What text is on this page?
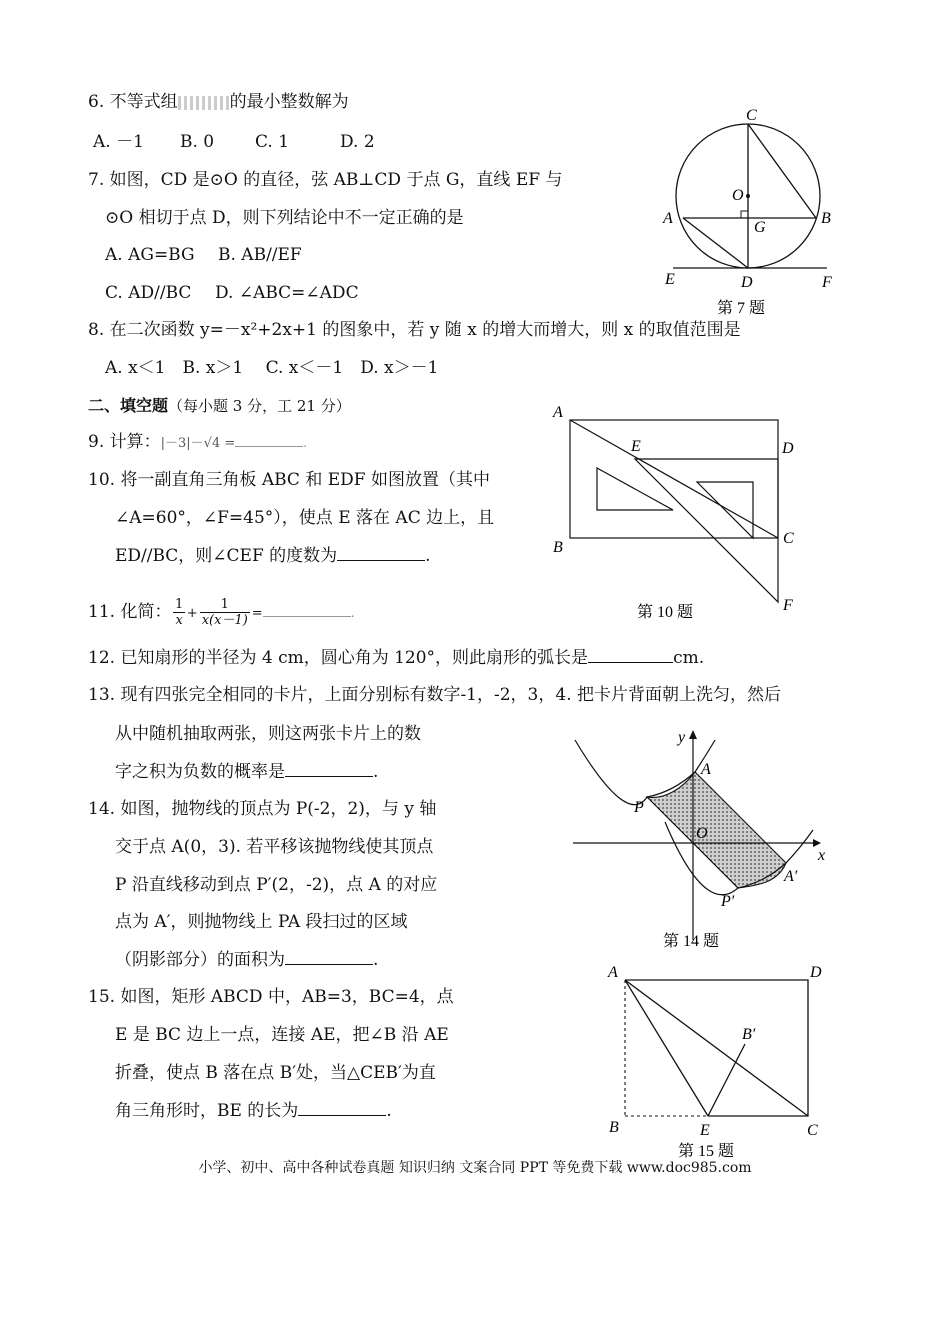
6. 不等式组	的最小整数解为
A. －1 B. 0 C. 1	D. 2
7. 如图，CD 是⊙O 的直径，弦 AB⊥CD 于点 G，直线 EF 与
⊙O 相切于点 D，则下列结论中不一定正确的是
A. AG=BG B. AB//EF
C. AD//BC D. ∠ABC=∠ADC
8. 在二次函数 y=－x²+2x+1 的图象中，若 y 随 x 的增大而增大，则 x 的取值范围是
A. x＜1　B. x＞1　 C. x＜－1　D. x＞－1
二、填空题（每小题 3 分，工 21 分）
9. 计算：|－3|－√4 =	.
10. 将一副直角三角板 ABC 和 EDF 如图放置（其中
∠A=60°，∠F=45°），使点 E 落在 AC 边上，且
ED//BC，则∠CEF 的度数为	.
11. 化简： $\frac{1}{x} + \frac{1}{x(x-1)}$ =	.
12. 已知扇形的半径为 4 cm，圆心角为 120°，则此扇形的弧长是	cm.
13. 现有四张完全相同的卡片，上面分别标有数字-1，-2，3，4. 把卡片背面朝上洗匀，然后
从中随机抽取两张，则这两张卡片上的数
字之积为负数的概率是	.
14. 如图，抛物线的顶点为 P(-2，2)，与 y 轴
交于点 A(0，3). 若平移该抛物线使其顶点
P 沿直线移动到点 P′(2，-2)，点 A 的对应
点为 A′，则抛物线上 PA 段扫过的区域
（阴影部分）的面积为	.
15. 如图，矩形 ABCD 中，AB=3，BC=4，点
E 是 BC 边上一点，连接 AE，把∠B 沿 AE
折叠，使点 B 落在点 B′处，当△CEB′为直
角三角形时，BE 的长为	.
C
O
A
G
B
E	D	F
第 7 题
A
E	D
B
C
F
第 10 题
y
A
P
O
x
A′
P′
第 14 题
A	D
B′
B	E	C
第 15 题
小学、初中、高中各种试卷真题 知识归纳 文案合同 PPT 等免费下载 www.doc985.com
